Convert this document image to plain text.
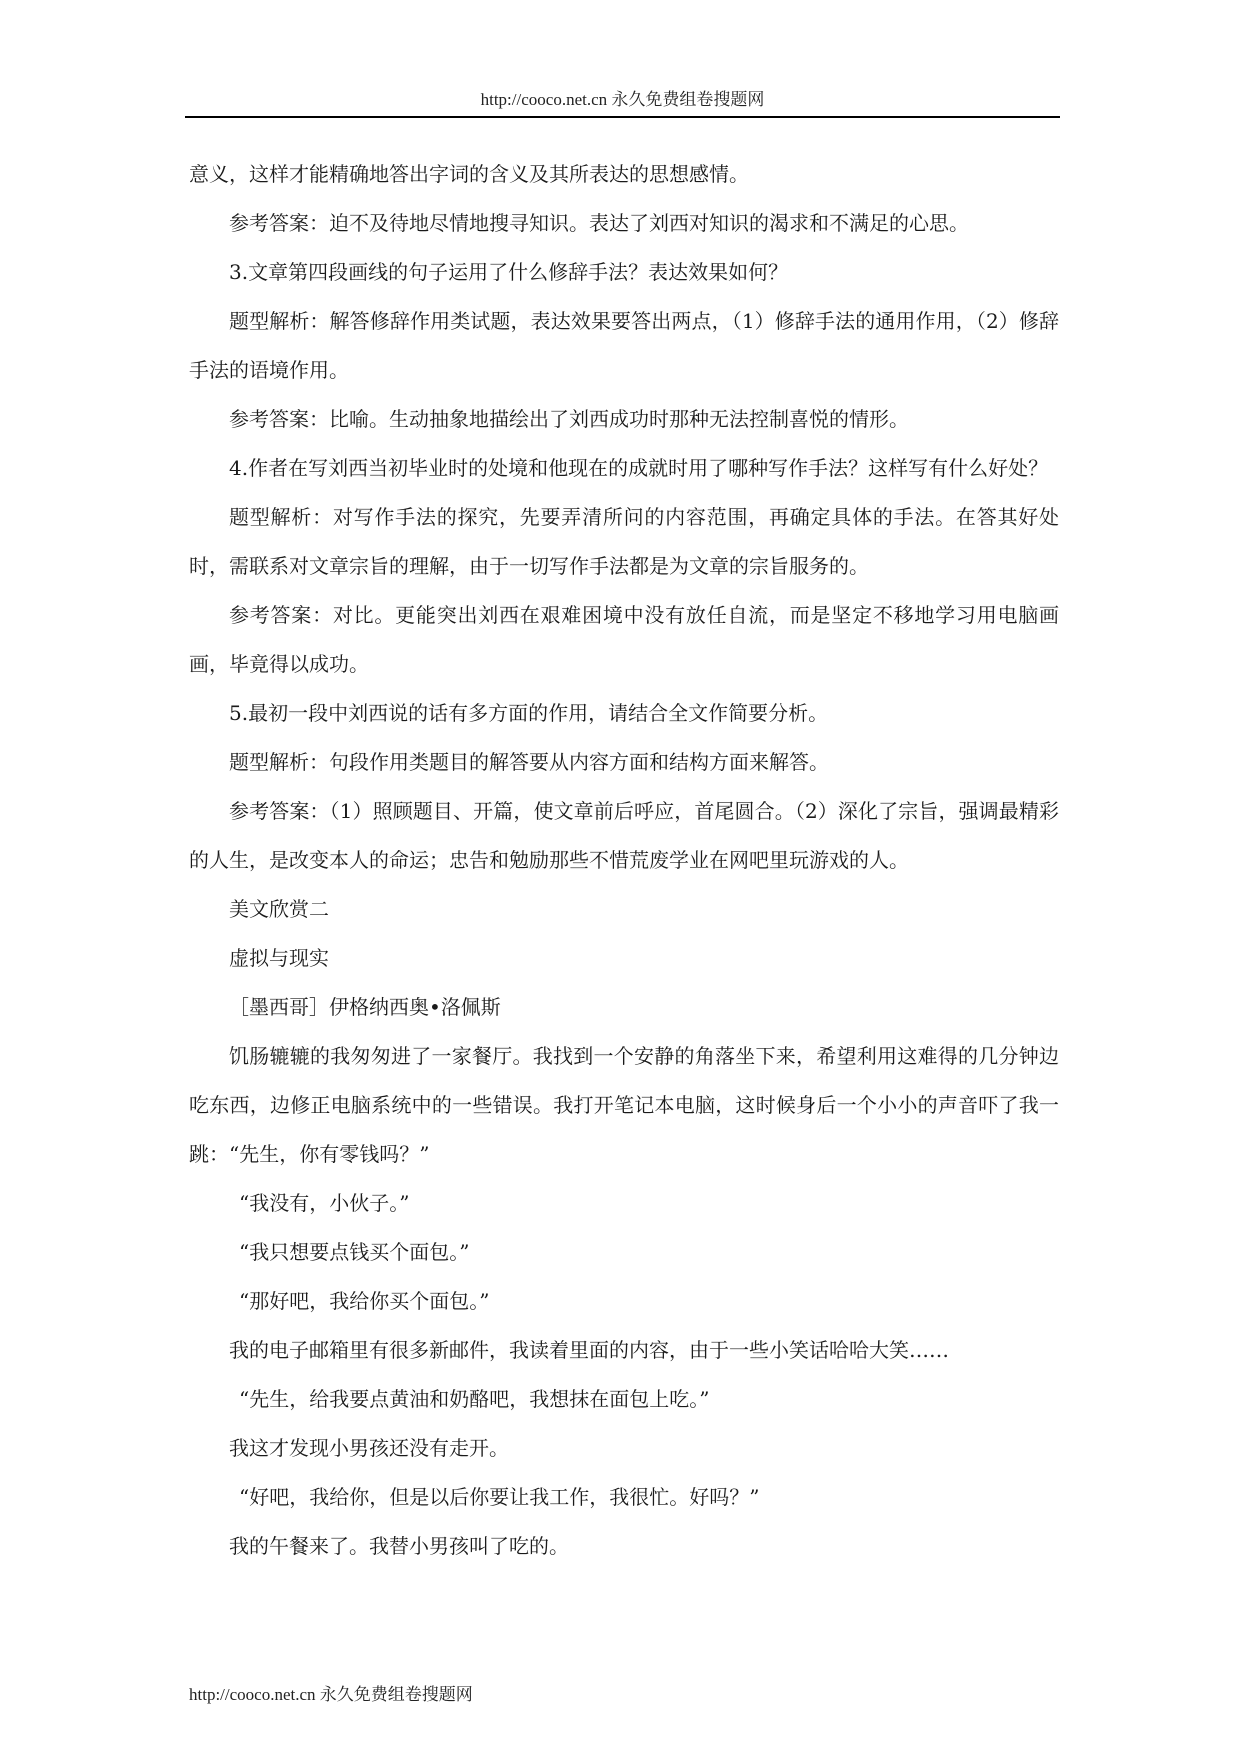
http://cooco.net.cn 永久免费组卷搜题网

意义，这样才能精确地答出字词的含义及其所表达的思想感情。

参考答案：迫不及待地尽情地搜寻知识。表达了刘西对知识的渴求和不满足的心思。

3.文章第四段画线的句子运用了什么修辞手法？表达效果如何？

题型解析：解答修辞作用类试题，表达效果要答出两点，（1）修辞手法的通用作用，（2）修辞手法的语境作用。

参考答案：比喻。生动抽象地描绘出了刘西成功时那种无法控制喜悦的情形。

4.作者在写刘西当初毕业时的处境和他现在的成就时用了哪种写作手法？这样写有什么好处？

题型解析：对写作手法的探究，先要弄清所问的内容范围，再确定具体的手法。在答其好处时，需联系对文章宗旨的理解，由于一切写作手法都是为文章的宗旨服务的。

参考答案：对比。更能突出刘西在艰难困境中没有放任自流，而是坚定不移地学习用电脑画画，毕竟得以成功。

5.最初一段中刘西说的话有多方面的作用，请结合全文作简要分析。

题型解析：句段作用类题目的解答要从内容方面和结构方面来解答。

参考答案：（1）照顾题目、开篇，使文章前后呼应，首尾圆合。（2）深化了宗旨，强调最精彩的人生，是改变本人的命运；忠告和勉励那些不惜荒废学业在网吧里玩游戏的人。

美文欣赏二

虚拟与现实

［墨西哥］伊格纳西奥•洛佩斯

饥肠辘辘的我匆匆进了一家餐厅。我找到一个安静的角落坐下来，希望利用这难得的几分钟边吃东西，边修正电脑系统中的一些错误。我打开笔记本电脑，这时候身后一个小小的声音吓了我一跳：“先生，你有零钱吗？”

“我没有，小伙子。”

“我只想要点钱买个面包。”

“那好吧，我给你买个面包。”

我的电子邮箱里有很多新邮件，我读着里面的内容，由于一些小笑话哈哈大笑……

“先生，给我要点黄油和奶酪吧，我想抹在面包上吃。”

我这才发现小男孩还没有走开。

“好吧，我给你，但是以后你要让我工作，我很忙。好吗？”

我的午餐来了。我替小男孩叫了吃的。

http://cooco.net.cn 永久免费组卷搜题网
